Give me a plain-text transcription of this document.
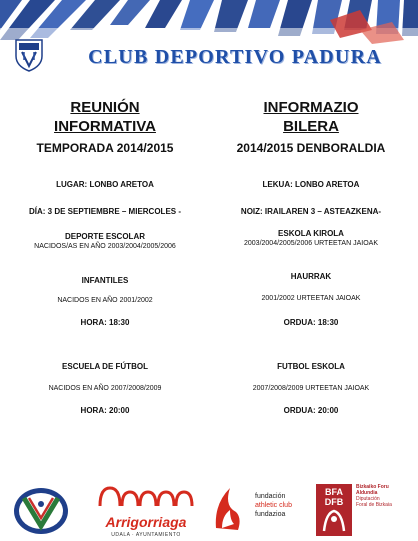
CLUB DEPORTIVO PADURA
REUNIÓN
INFORMATIVA
TEMPORADA 2014/2015
LUGAR: LONBO ARETOA
DÍA: 3 DE SEPTIEMBRE – MIERCOLES -
DEPORTE ESCOLAR
NACIDOS/AS EN AÑO 2003/2004/2005/2006
INFANTILES
NACIDOS EN AÑO 2001/2002
HORA: 18:30
ESCUELA DE FÚTBOL
NACIDOS EN AÑO 2007/2008/2009
HORA: 20:00
INFORMAZIO
BILERA
2014/2015 DENBORALDIA
LEKUA: LONBO ARETOA
NOIZ: IRAILAREN 3 – ASTEAZKENA-
ESKOLA KIROLA
2003/2004/2005/2006 URTEETAN JAIOAK
HAURRAK
2001/2002 URTEETAN JAIOAK
ORDUA: 18:30
FUTBOL ESKOLA
2007/2008/2009 URTEETAN JAIOAK
ORDUA: 20:00
Arrigorriaga
UDALA · AYUNTAMIENTO
fundación
athletic club
fundazioa
BFA
DFB
Bizkaiko Foru
Aldundia
Diputación
Foral de Bizkaia
